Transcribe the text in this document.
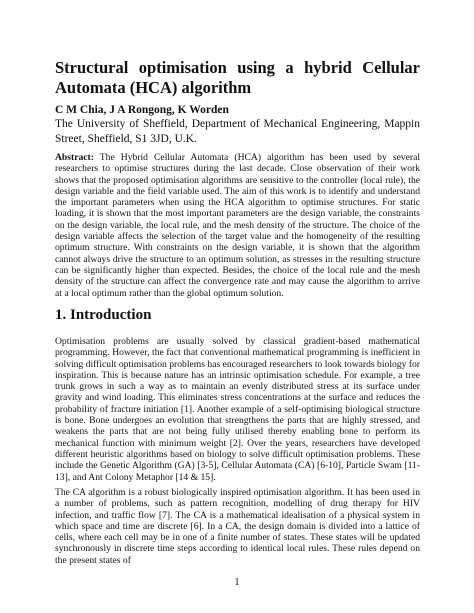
Structural optimisation using a hybrid Cellular Automata (HCA) algorithm
C M Chia, J A Rongong, K Worden
The University of Sheffield, Department of Mechanical Engineering, Mappin Street, Sheffield, S1 3JD, U.K.
Abstract: The Hybrid Cellular Automata (HCA) algorithm has been used by several researchers to optimise structures during the last decade. Close observation of their work shows that the proposed optimisation algorithms are sensitive to the controller (local rule), the design variable and the field variable used. The aim of this work is to identify and understand the important parameters when using the HCA algorithm to optimise structures. For static loading, it is shown that the most important parameters are the design variable, the constraints on the design variable, the local rule, and the mesh density of the structure. The choice of the design variable affects the selection of the target value and the homogeneity of the resulting optimum structure. With constraints on the design variable, it is shown that the algorithm cannot always drive the structure to an optimum solution, as stresses in the resulting structure can be significantly higher than expected. Besides, the choice of the local rule and the mesh density of the structure can affect the convergence rate and may cause the algorithm to arrive at a local optimum rather than the global optimum solution.
1. Introduction
Optimisation problems are usually solved by classical gradient-based mathematical programming. However, the fact that conventional mathematical programming is inefficient in solving difficult optimisation problems has encouraged researchers to look towards biology for inspiration. This is because nature has an intrinsic optimisation schedule. For example, a tree trunk grows in such a way as to maintain an evenly distributed stress at its surface under gravity and wind loading. This eliminates stress concentrations at the surface and reduces the probability of fracture initiation [1]. Another example of a self-optimising biological structure is bone. Bone undergoes an evolution that strengthens the parts that are highly stressed, and weakens the parts that are not being fully utilised thereby enabling bone to perform its mechanical function with minimum weight [2]. Over the years, researchers have developed different heuristic algorithms based on biology to solve difficult optimisation problems. These include the Genetic Algorithm (GA) [3-5], Cellular Automata (CA) [6-10], Particle Swam [11-13], and Ant Colony Metaphor [14 & 15].
The CA algorithm is a robust biologically inspired optimisation algorithm. It has been used in a number of problems, such as pattern recognition, modelling of drug therapy for HIV infection, and traffic flow [7]. The CA is a mathematical idealisation of a physical system in which space and time are discrete [6]. In a CA, the design domain is divided into a lattice of cells, where each cell may be in one of a finite number of states. These states will be updated synchronously in discrete time steps according to identical local rules. These rules depend on the present states of
1
